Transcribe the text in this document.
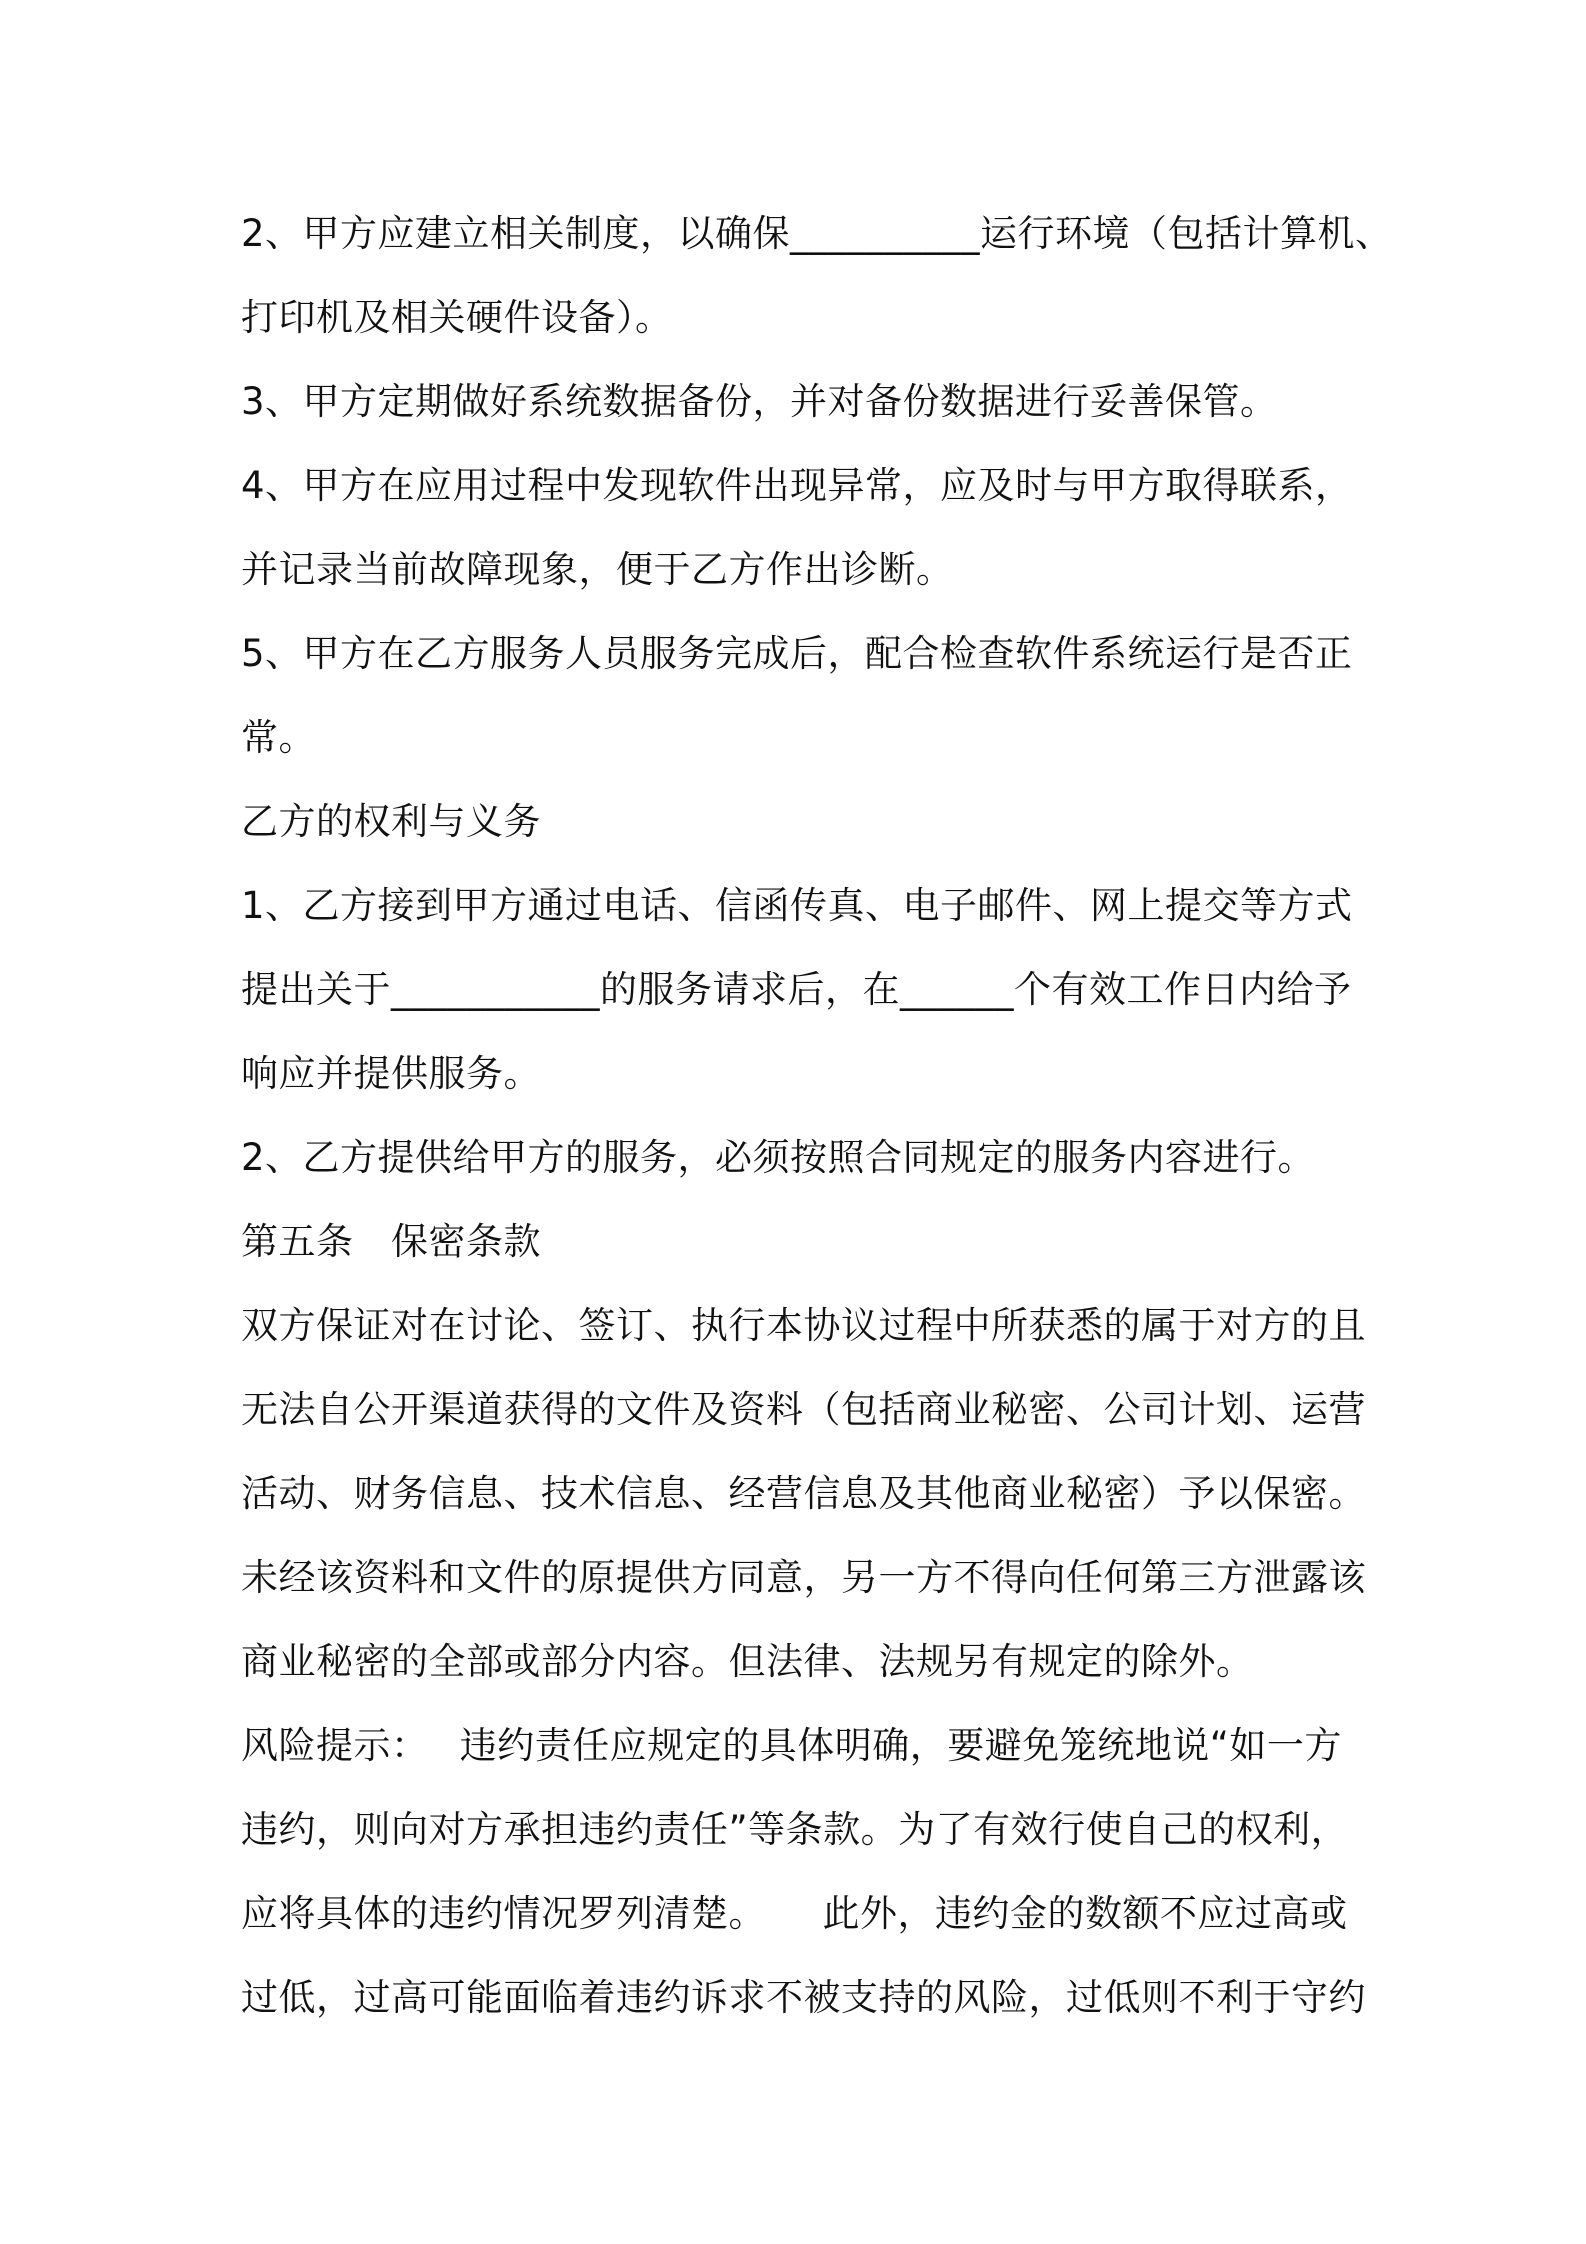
2、甲方应建立相关制度，以确保__________运行环境（包括计算机、
打印机及相关硬件设备）。
3、甲方定期做好系统数据备份，并对备份数据进行妥善保管。
4、甲方在应用过程中发现软件出现异常，应及时与甲方取得联系，
并记录当前故障现象，便于乙方作出诊断。
5、甲方在乙方服务人员服务完成后，配合检查软件系统运行是否正
常。
乙方的权利与义务
1、乙方接到甲方通过电话、信函传真、电子邮件、网上提交等方式
提出关于___________的服务请求后，在______个有效工作日内给予
响应并提供服务。
2、乙方提供给甲方的服务，必须按照合同规定的服务内容进行。
第五条　保密条款
双方保证对在讨论、签订、执行本协议过程中所获悉的属于对方的且
无法自公开渠道获得的文件及资料（包括商业秘密、公司计划、运营
活动、财务信息、技术信息、经营信息及其他商业秘密）予以保密。
未经该资料和文件的原提供方同意，另一方不得向任何第三方泄露该
商业秘密的全部或部分内容。但法律、法规另有规定的除外。
风险提示：　 违约责任应规定的具体明确，要避免笼统地说“如一方
违约，则向对方承担违约责任”等条款。为了有效行使自己的权利，
应将具体的违约情况罗列清楚。　　此外，违约金的数额不应过高或
过低，过高可能面临着违约诉求不被支持的风险，过低则不利于守约
